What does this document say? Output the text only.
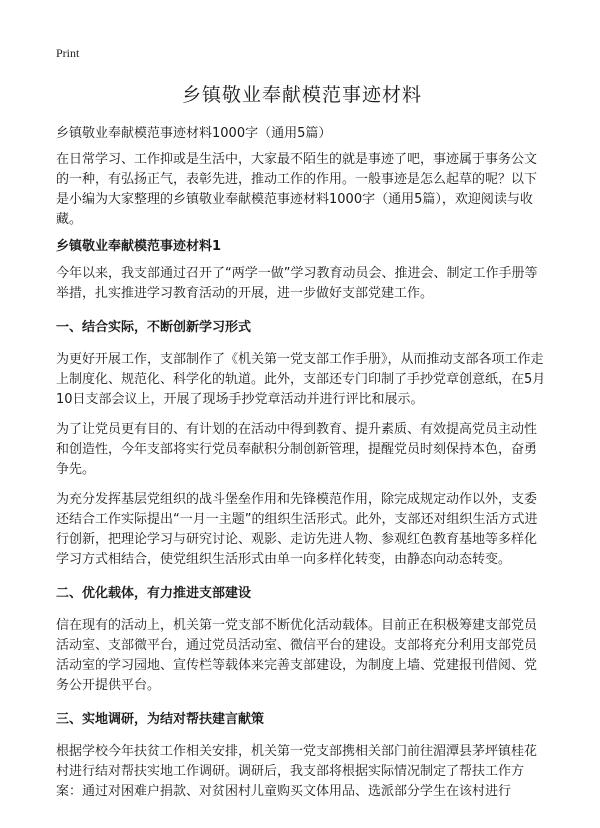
Print
乡镇敬业奉献模范事迹材料

乡镇敬业奉献模范事迹材料1000字（通用5篇）

在日常学习、工作抑或是生活中，大家最不陌生的就是事迹了吧，事迹属于事务公文的一种，有弘扬正气，表彰先进，推动工作的作用。一般事迹是怎么起草的呢？以下是小编为大家整理的乡镇敬业奉献模范事迹材料1000字（通用5篇），欢迎阅读与收藏。

乡镇敬业奉献模范事迹材料1

今年以来，我支部通过召开了“两学一做”学习教育动员会、推进会、制定工作手册等举措，扎实推进学习教育活动的开展，进一步做好支部党建工作。

一、结合实际，不断创新学习形式

为更好开展工作，支部制作了《机关第一党支部工作手册》，从而推动支部各项工作走上制度化、规范化、科学化的轨道。此外，支部还专门印制了手抄党章创意纸，在5月10日支部会议上，开展了现场手抄党章活动并进行评比和展示。

为了让党员更有目的、有计划的在活动中得到教育、提升素质、有效提高党员主动性和创造性，今年支部将实行党员奉献积分制创新管理，提醒党员时刻保持本色，奋勇争先。

为充分发挥基层党组织的战斗堡垒作用和先锋模范作用，除完成规定动作以外，支委还结合工作实际提出“一月一主题”的组织生活形式。此外，支部还对组织生活方式进行创新，把理论学习与研究讨论、观影、走访先进人物、参观红色教育基地等多样化学习方式相结合，使党组织生活形式由单一向多样化转变，由静态向动态转变。

二、优化载体，有力推进支部建设

信在现有的活动上，机关第一党支部不断优化活动载体。目前正在积极筹建支部党员活动室、支部微平台，通过党员活动室、微信平台的建设。支部将充分利用支部党员活动室的学习园地、宣传栏等载体来完善支部建设，为制度上墙、党建报刊借阅、党务公开提供平台。

三、实地调研，为结对帮扶建言献策

根据学校今年扶贫工作相关安排，机关第一党支部携相关部门前往湄潭县茅坪镇桂花村进行结对帮扶实地工作调研。调研后，我支部将根据实际情况制定了帮扶工作方案：通过对困难户捐款、对贫困村儿童购买文体用品、选派部分学生在该村进行
